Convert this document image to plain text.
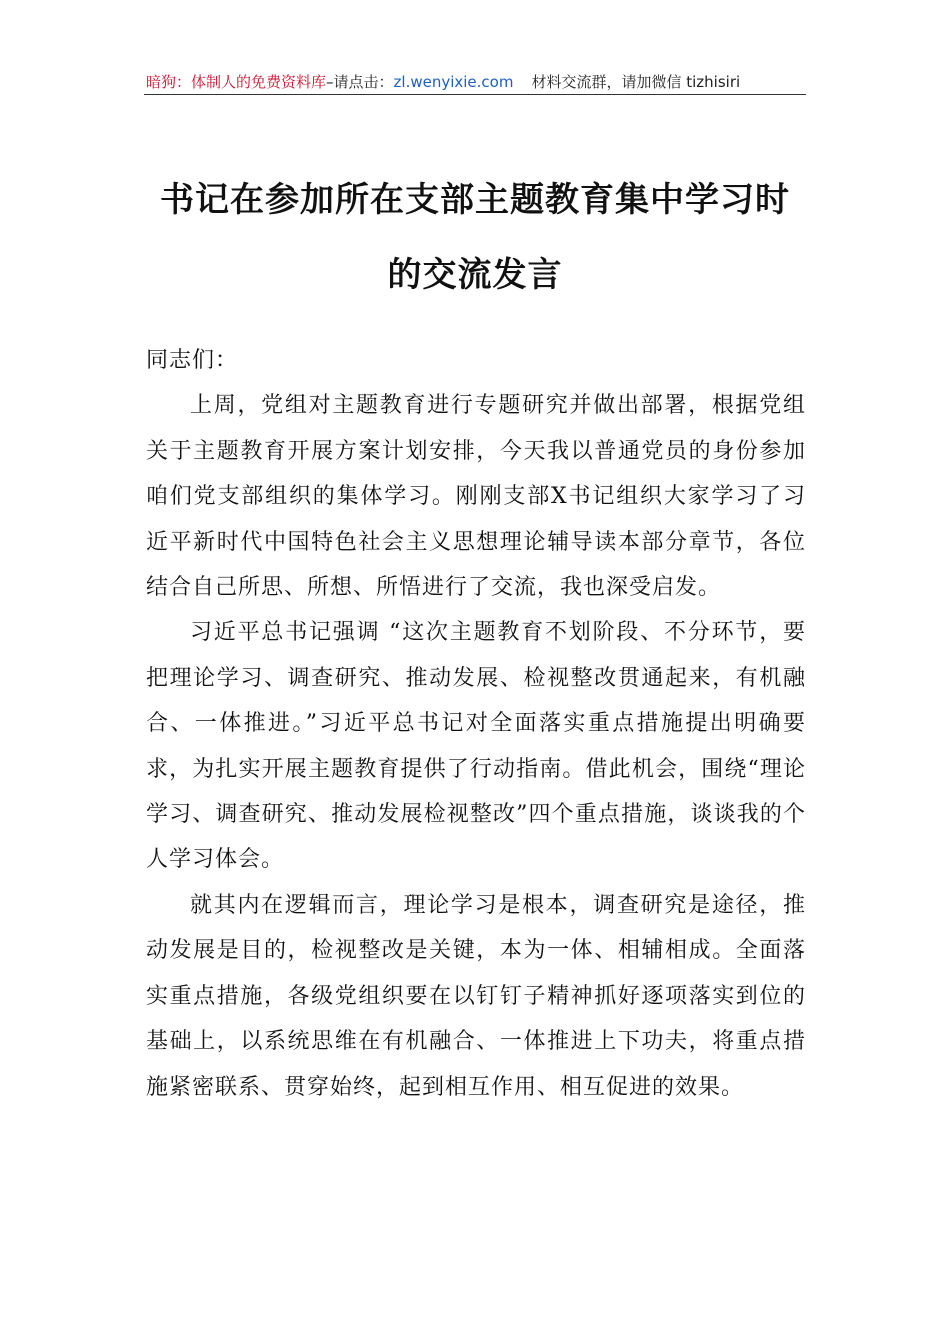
暗狗：体制人的免费资料库–请点击：zl.wenyixie.com 材料交流群，请加微信 tizhisiri
书记在参加所在支部主题教育集中学习时
的交流发言

同志们：

上周，党组对主题教育进行专题研究并做出部署，根据党组关于主题教育开展方案计划安排，今天我以普通党员的身份参加咱们党支部组织的集体学习。刚刚支部X书记组织大家学习了习近平新时代中国特色社会主义思想理论辅导读本部分章节，各位结合自己所思、所想、所悟进行了交流，我也深受启发。

习近平总书记强调 “这次主题教育不划阶段、不分环节，要把理论学习、调查研究、推动发展、检视整改贯通起来，有机融合、一体推进。”习近平总书记对全面落实重点措施提出明确要求，为扎实开展主题教育提供了行动指南。借此机会，围绕“理论学习、调查研究、推动发展检视整改”四个重点措施，谈谈我的个人学习体会。

就其内在逻辑而言，理论学习是根本，调查研究是途径，推动发展是目的，检视整改是关键，本为一体、相辅相成。全面落实重点措施，各级党组织要在以钉钉子精神抓好逐项落实到位的基础上，以系统思维在有机融合、一体推进上下功夫，将重点措施紧密联系、贯穿始终，起到相互作用、相互促进的效果。
